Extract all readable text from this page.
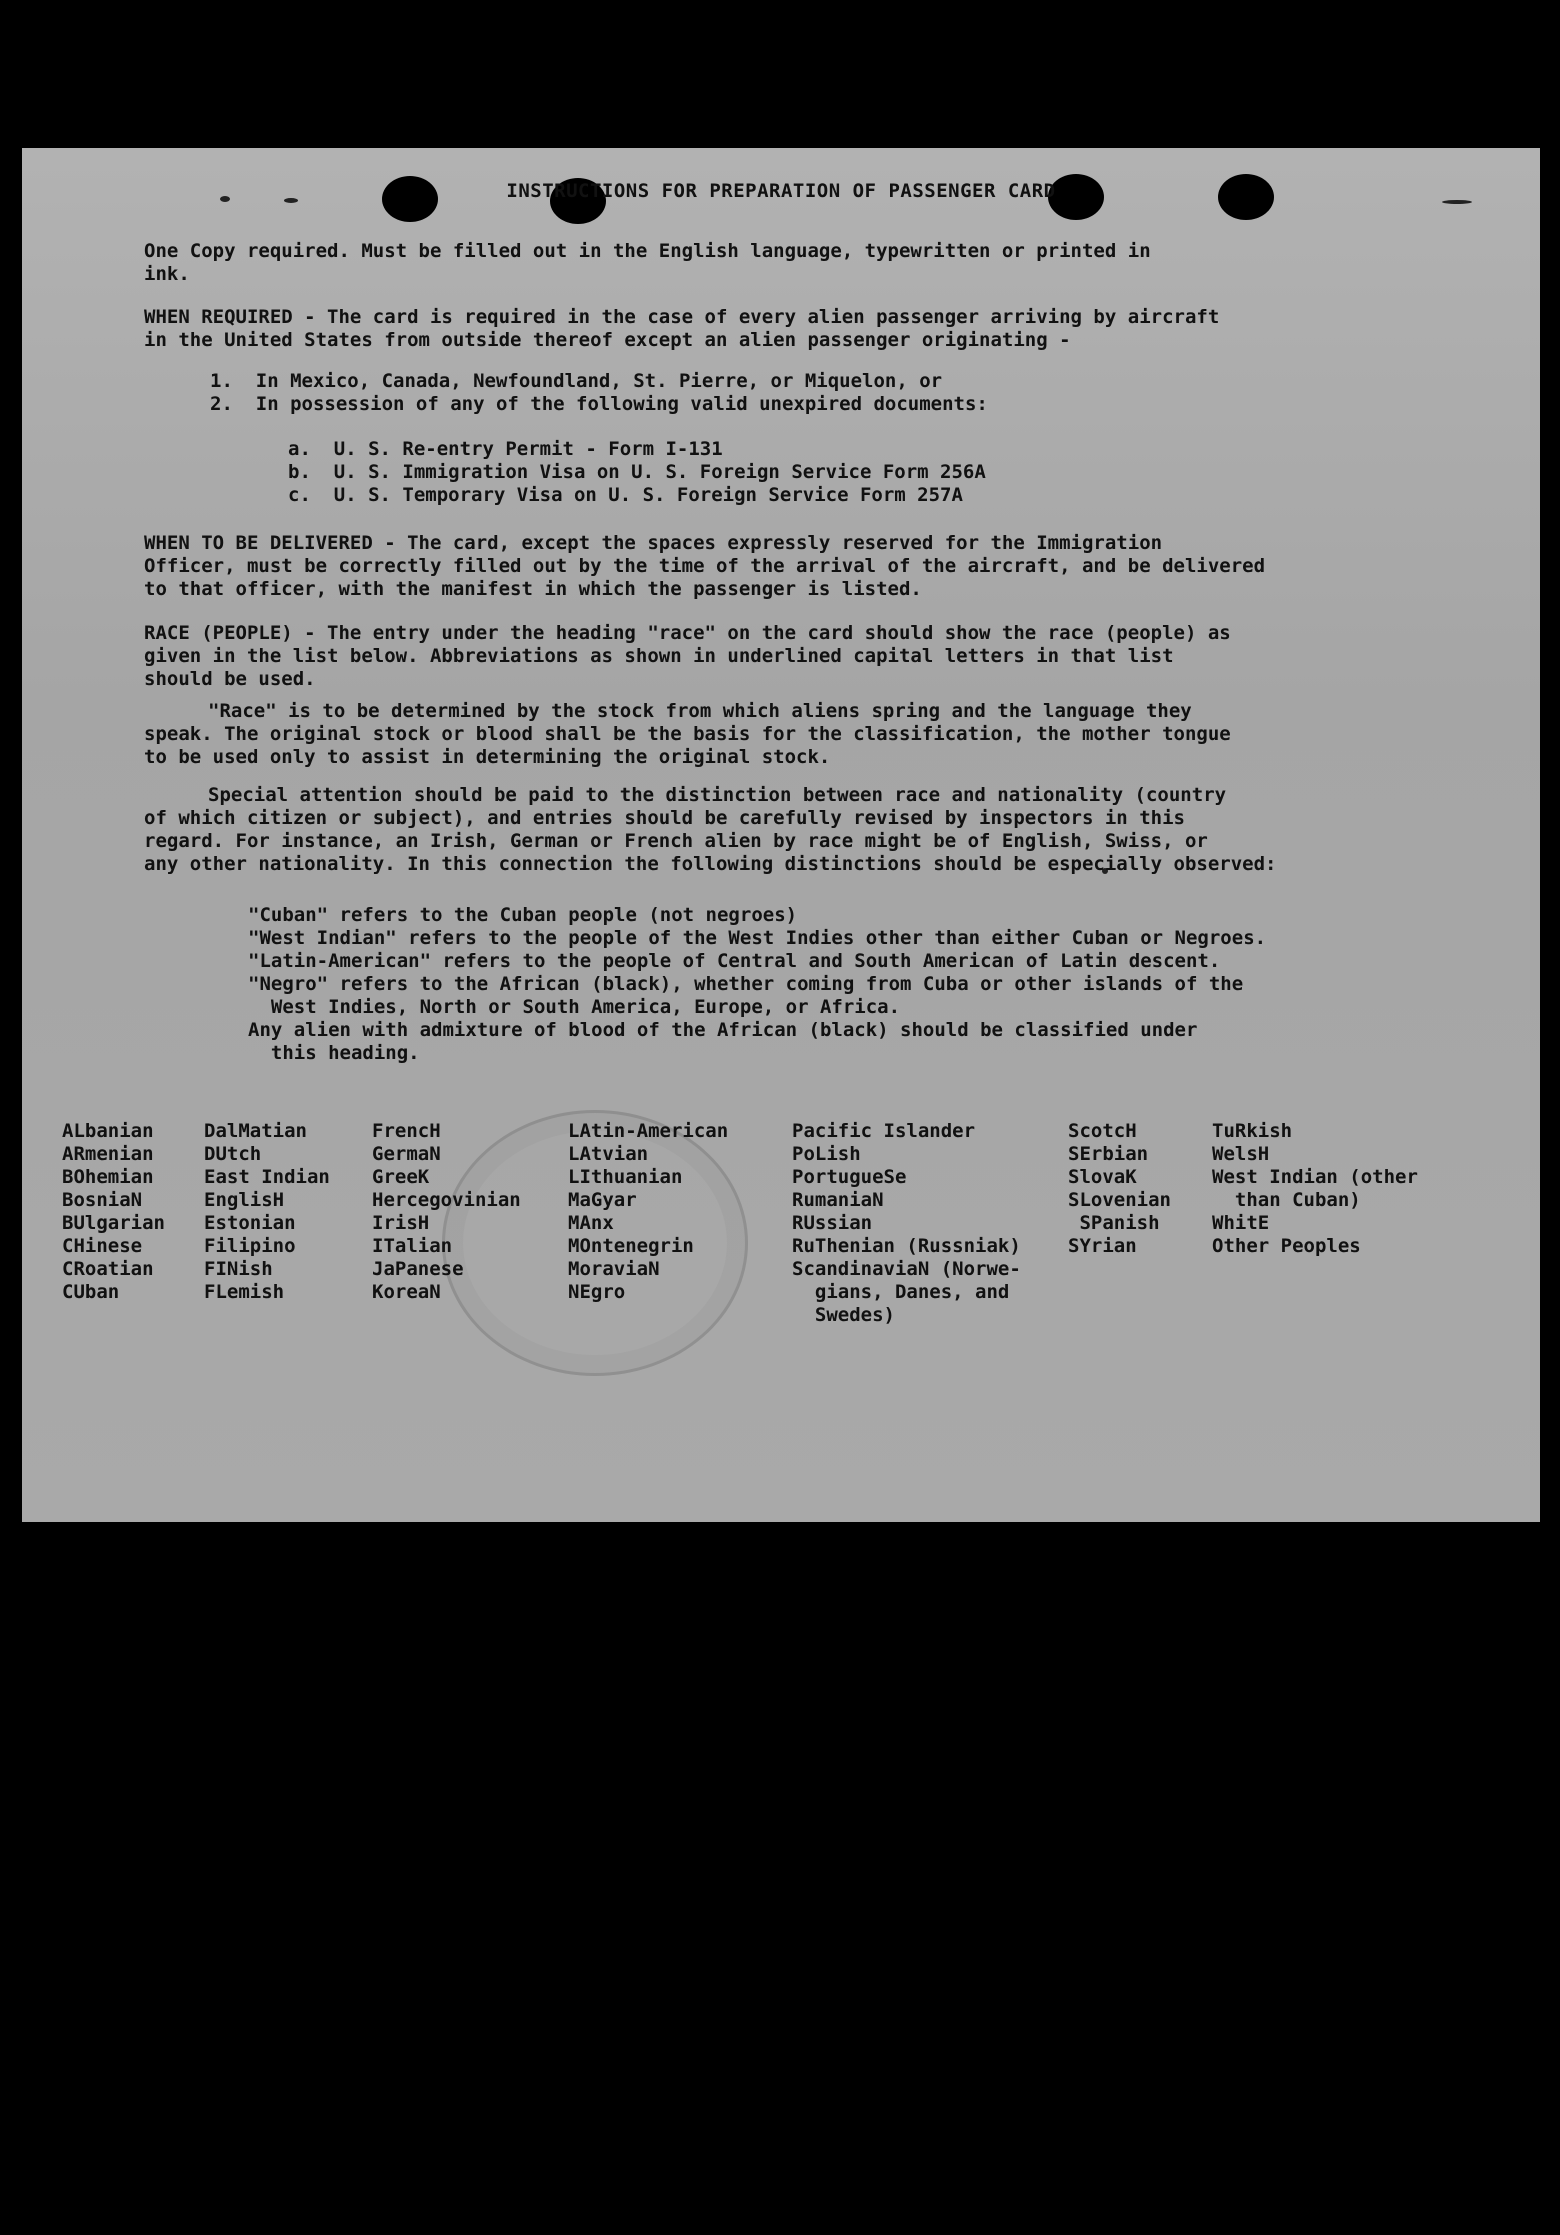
INSTRUCTIONS FOR PREPARATION OF PASSENGER CARD

One Copy required. Must be filled out in the English language, typewritten or printed in
ink.

WHEN REQUIRED - The card is required in the case of every alien passenger arriving by aircraft
in the United States from outside thereof except an alien passenger originating -

1.  In Mexico, Canada, Newfoundland, St. Pierre, or Miquelon, or
2.  In possession of any of the following valid unexpired documents:
a.  U. S. Re-entry Permit - Form I-131
b.  U. S. Immigration Visa on U. S. Foreign Service Form 256A
c.  U. S. Temporary Visa on U. S. Foreign Service Form 257A

WHEN TO BE DELIVERED - The card, except the spaces expressly reserved for the Immigration
Officer, must be correctly filled out by the time of the arrival of the aircraft, and be delivered
to that officer, with the manifest in which the passenger is listed.

RACE (PEOPLE) - The entry under the heading "race" on the card should show the race (people) as
given in the list below. Abbreviations as shown in underlined capital letters in that list
should be used.

"Race" is to be determined by the stock from which aliens spring and the language they
speak. The original stock or blood shall be the basis for the classification, the mother tongue
to be used only to assist in determining the original stock.

Special attention should be paid to the distinction between race and nationality (country
of which citizen or subject), and entries should be carefully revised by inspectors in this
regard. For instance, an Irish, German or French alien by race might be of English, Swiss, or
any other nationality. In this connection the following distinctions should be especially observed:

"Cuban" refers to the Cuban people (not negroes)
"West Indian" refers to the people of the West Indies other than either Cuban or Negroes.
"Latin-American" refers to the people of Central and South American of Latin descent.
"Negro" refers to the African (black), whether coming from Cuba or other islands of the
West Indies, North or South America, Europe, or Africa.
Any alien with admixture of blood of the African (black) should be classified under
this heading.
ALbanian
ARmenian
BOhemian
BosniaN
BUlgarian
CHinese
CRoatian
CUban
DalMatian
DUtch
East Indian
EnglisH
Estonian
Filipino
FINish
FLemish
FrencH
GermaN
GreeK
Hercegovinian
IrisH
ITalian
JaPanese
KoreaN
LAtin-American
LAtvian
LIthuanian
MaGyar
MAnx
MOntenegrin
MoraviaN
NEgro
Pacific Islander
PoLish
PortugueSe
RumaniaN
RUssian
RuThenian (Russniak)
ScandinaviaN (Norwe-
gians, Danes, and
Swedes)
ScotcH
SErbian
SlovaK
SLovenian
SPanish
SYrian
TuRkish
WelsH
West Indian (other
than Cuban)
WhitE
Other Peoples
